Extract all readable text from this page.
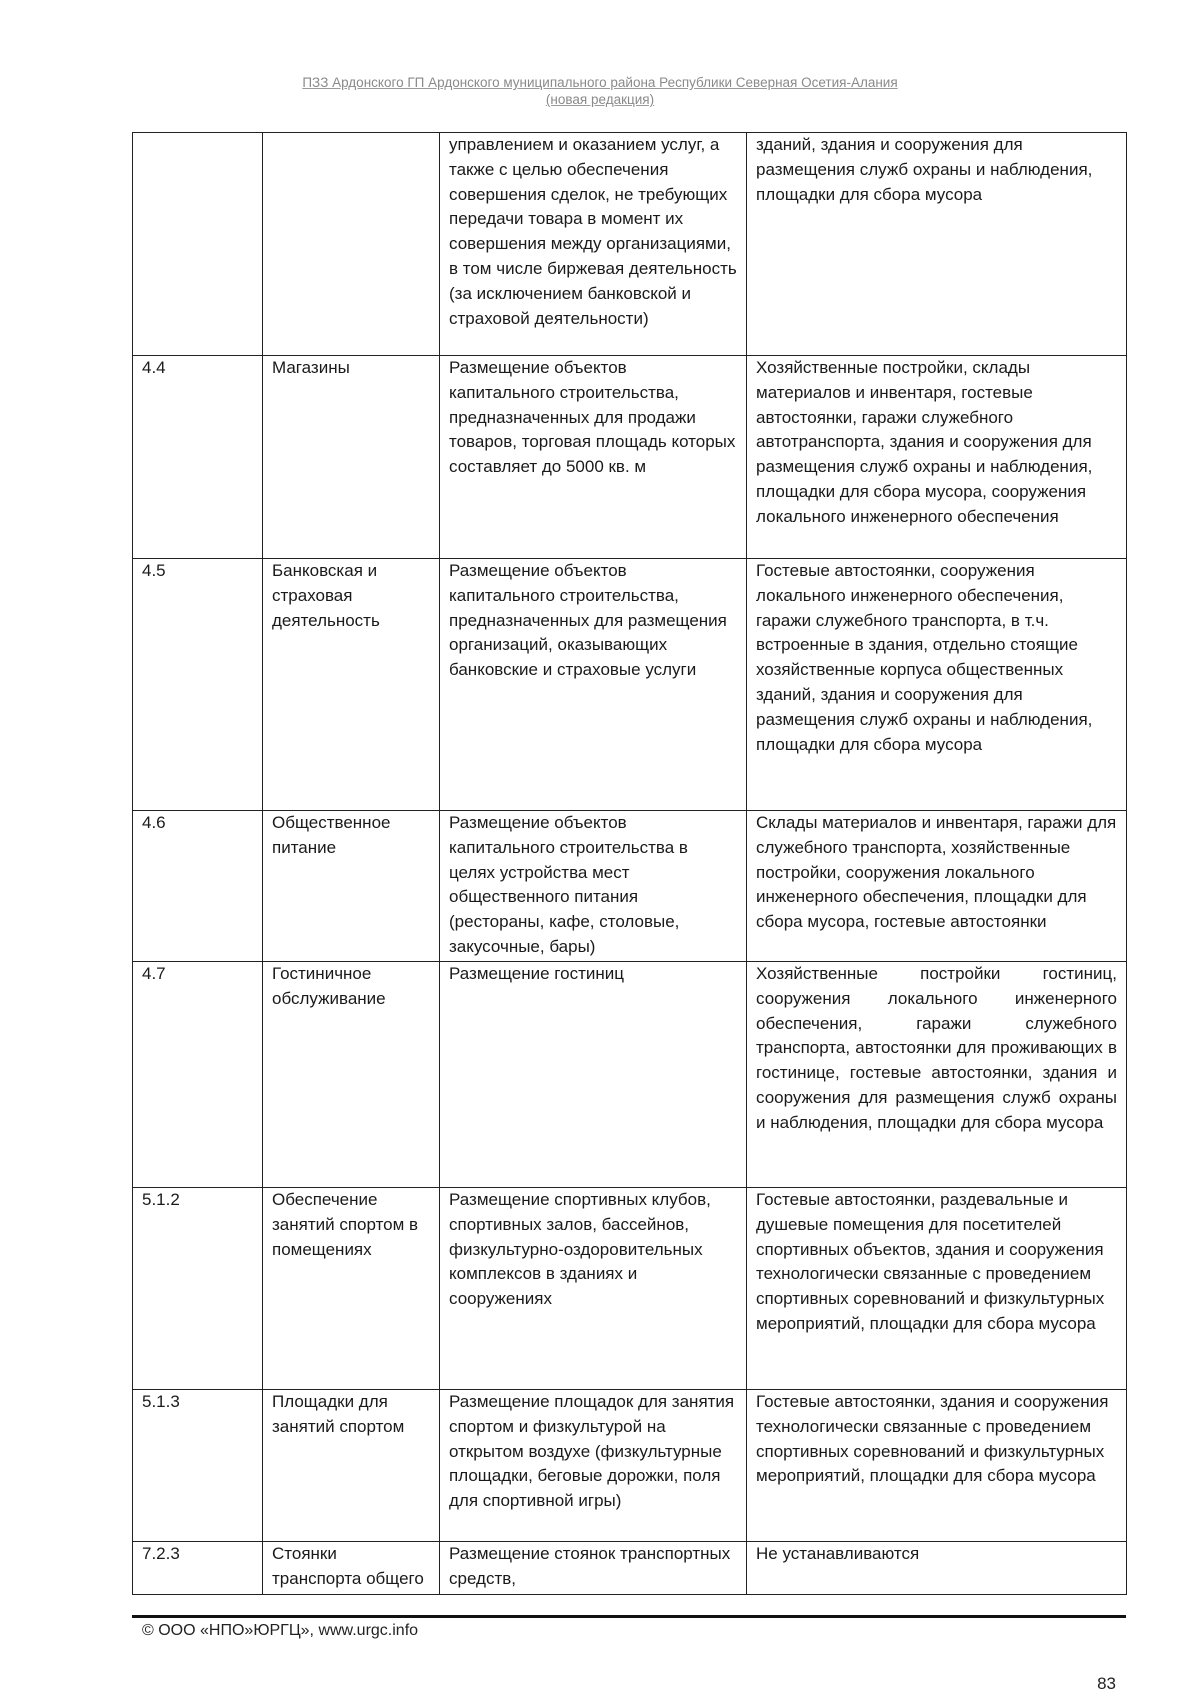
ПЗЗ Ардонского ГП Ардонского муниципального района Республики Северная Осетия-Алания
(новая редакция)
		управлением и оказанием услуг, а также с целью обеспечения совершения сделок, не требующих передачи товара в момент их совершения между организациями, в том числе биржевая деятельность (за исключением банковской и страховой деятельности)	зданий, здания и сооружения для размещения служб охраны и наблюдения, площадки для сбора мусора
4.4	Магазины	Размещение объектов капитального строительства, предназначенных для продажи товаров, торговая площадь которых составляет до 5000 кв. м	Хозяйственные постройки, склады материалов и инвентаря, гостевые автостоянки, гаражи служебного автотранспорта, здания и сооружения для размещения служб охраны и наблюдения, площадки для сбора мусора, сооружения локального инженерного обеспечения
4.5	Банковская и страховая деятельность	Размещение объектов капитального строительства, предназначенных для размещения организаций, оказывающих банковские и страховые услуги	Гостевые автостоянки, сооружения локального инженерного обеспечения, гаражи служебного транспорта, в т.ч. встроенные в здания, отдельно стоящие хозяйственные корпуса общественных зданий, здания и сооружения для размещения служб охраны и наблюдения, площадки для сбора мусора
4.6	Общественное питание	Размещение объектов капитального строительства в целях устройства мест общественного питания (рестораны, кафе, столовые, закусочные, бары)	Склады материалов и инвентаря, гаражи для служебного транспорта, хозяйственные постройки, сооружения локального инженерного обеспечения, площадки для сбора мусора, гостевые автостоянки
4.7	Гостиничное обслуживание	Размещение гостиниц	Хозяйственные постройки гостиниц, сооружения локального инженерного обеспечения, гаражи служебного транспорта, автостоянки для проживающих в гостинице, гостевые автостоянки, здания и сооружения для размещения служб охраны и наблюдения, площадки для сбора мусора
5.1.2	Обеспечение занятий спортом в помещениях	Размещение спортивных клубов, спортивных залов, бассейнов, физкультурно-оздоровительных комплексов в зданиях и сооружениях	Гостевые автостоянки, раздевальные и душевые помещения для посетителей спортивных объектов, здания и сооружения технологически связанные с проведением спортивных соревнований и физкультурных мероприятий, площадки для сбора мусора
5.1.3	Площадки для занятий спортом	Размещение площадок для занятия спортом и физкультурой на открытом воздухе (физкультурные площадки, беговые дорожки, поля для спортивной игры)	Гостевые автостоянки, здания и сооружения технологически связанные с проведением спортивных соревнований и физкультурных мероприятий, площадки для сбора мусора
7.2.3	Стоянки транспорта общего	Размещение стоянок транспортных средств,	Не устанавливаются
© ООО «НПО»ЮРГЦ», www.urgc.info
83
